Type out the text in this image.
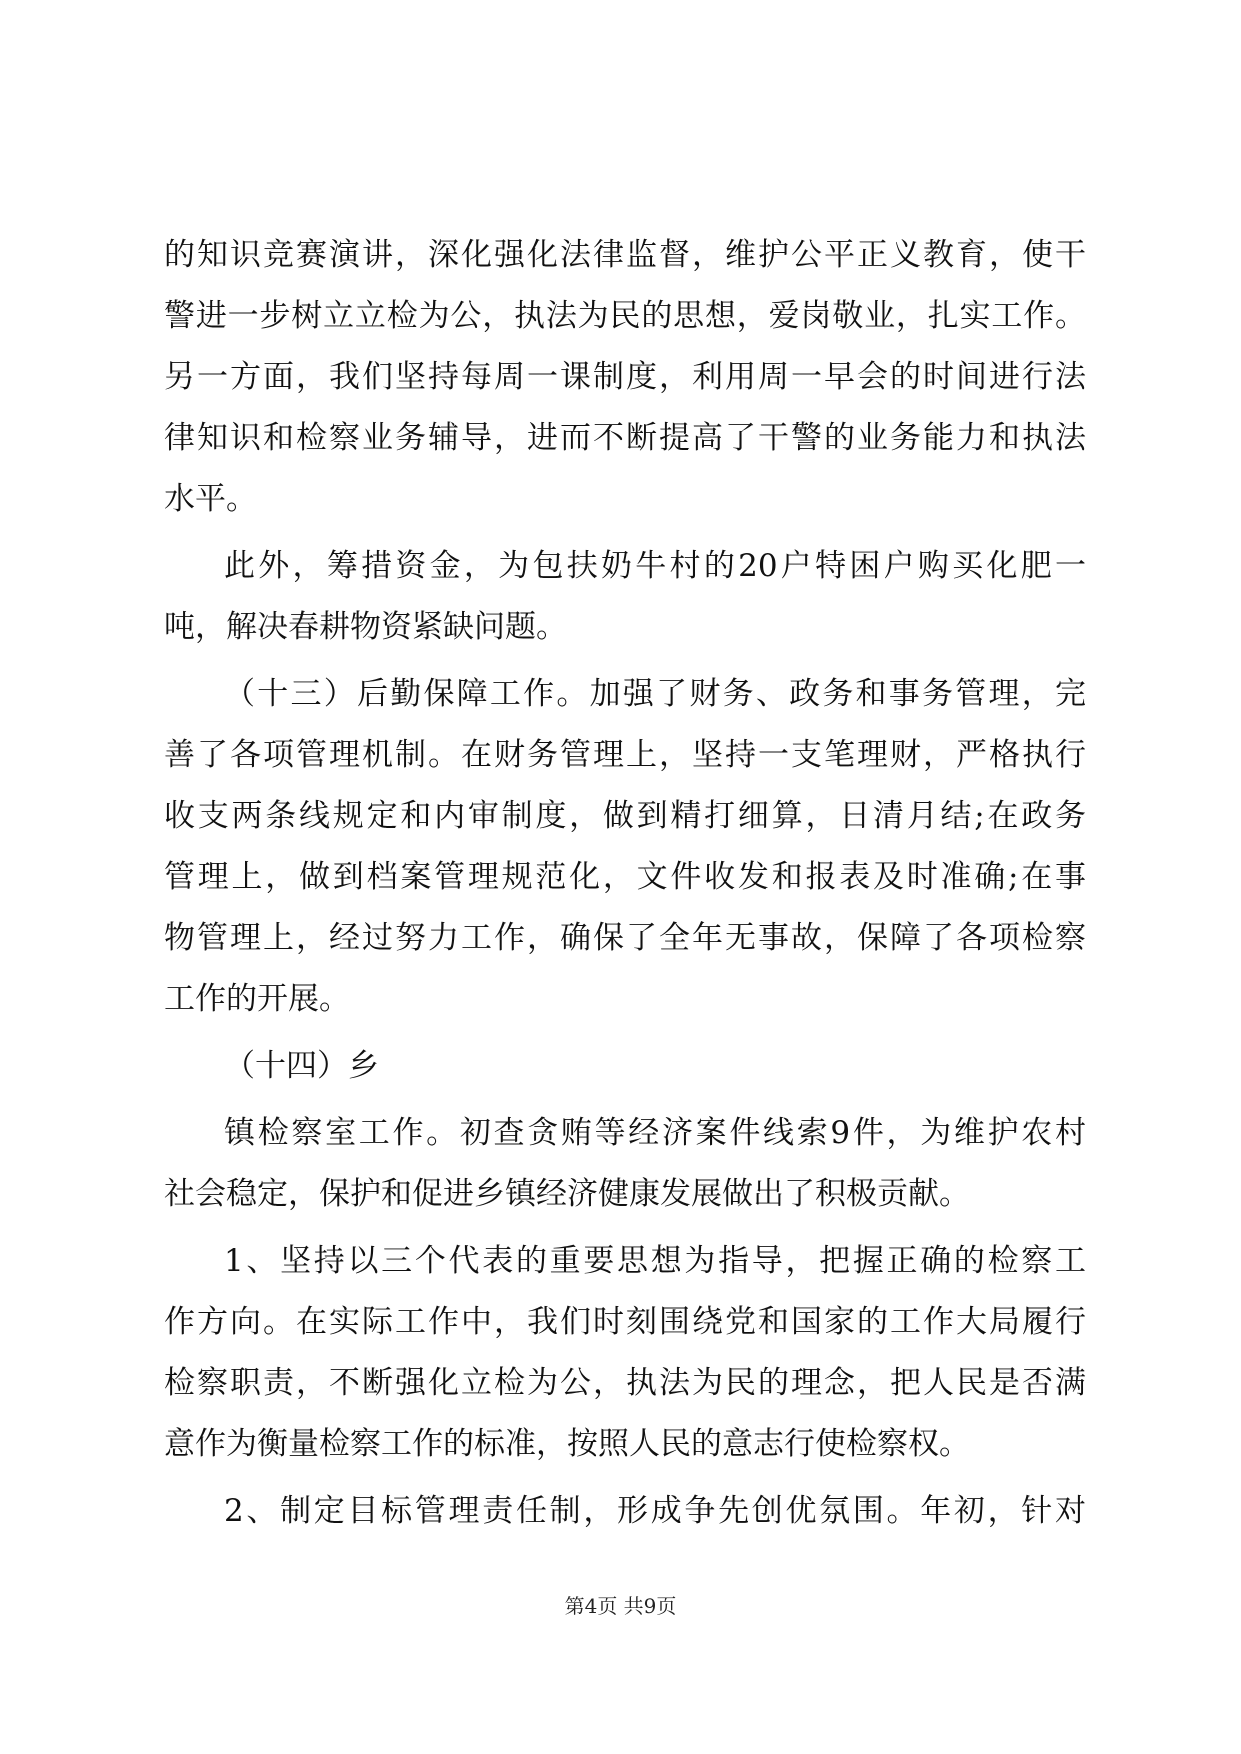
的知识竞赛演讲，深化强化法律监督，维护公平正义教育，使干
警进一步树立立检为公，执法为民的思想，爱岗敬业，扎实工作。
另一方面，我们坚持每周一课制度，利用周一早会的时间进行法
律知识和检察业务辅导，进而不断提高了干警的业务能力和执法
水平。
此外，筹措资金，为包扶奶牛村的20户特困户购买化肥一
吨，解决春耕物资紧缺问题。
（十三）后勤保障工作。加强了财务、政务和事务管理，完
善了各项管理机制。在财务管理上，坚持一支笔理财，严格执行
收支两条线规定和内审制度，做到精打细算，日清月结;在政务
管理上，做到档案管理规范化，文件收发和报表及时准确;在事
物管理上，经过努力工作，确保了全年无事故，保障了各项检察
工作的开展。
（十四）乡
镇检察室工作。初查贪贿等经济案件线索9件，为维护农村
社会稳定，保护和促进乡镇经济健康发展做出了积极贡献。
1、坚持以三个代表的重要思想为指导，把握正确的检察工
作方向。在实际工作中，我们时刻围绕党和国家的工作大局履行
检察职责，不断强化立检为公，执法为民的理念，把人民是否满
意作为衡量检察工作的标准，按照人民的意志行使检察权。
2、制定目标管理责任制，形成争先创优氛围。年初，针对
第4页 共9页
